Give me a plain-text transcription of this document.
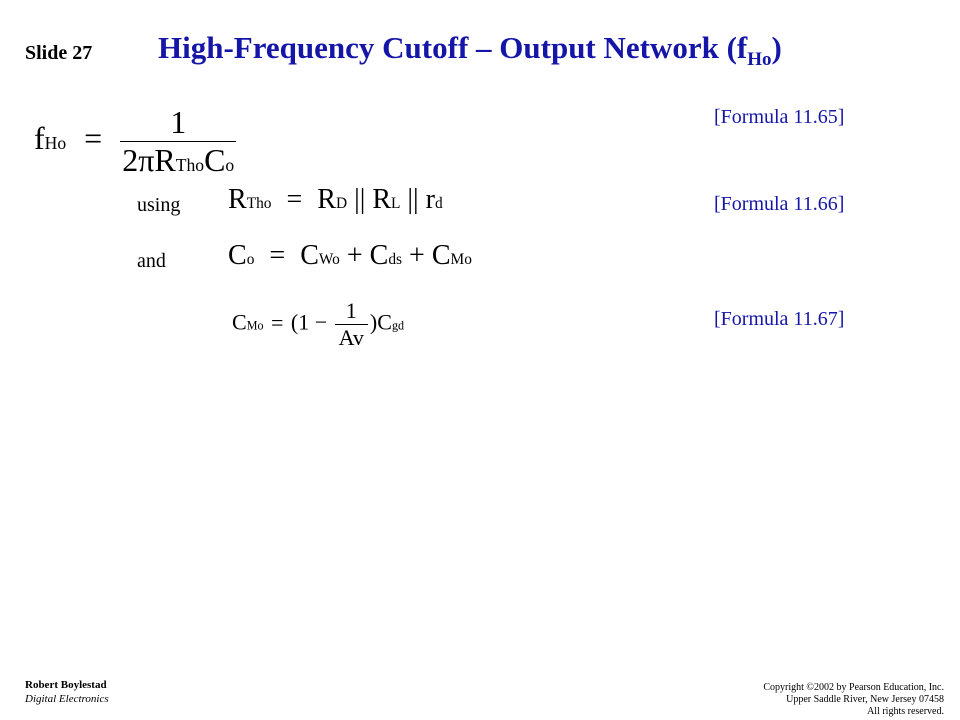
Slide 27 High-Frequency Cutoff – Output Network $(f_{Ho})$
fHo = $\frac{1}{\text{2πRThoCo}}$	[Formula 11.65]
using RTho = RD || RL || rd	[Formula 11.66]
and Co = CWo + Cds + CMo
CMo = $(1 - \frac{1}{Av} )Cgd$	[Formula 11.67]
Robert Boylestad
Digital Electronics
Copyright ©2002 by Pearson Education, Inc.
Upper Saddle River, New Jersey 07458
All rights reserved.
